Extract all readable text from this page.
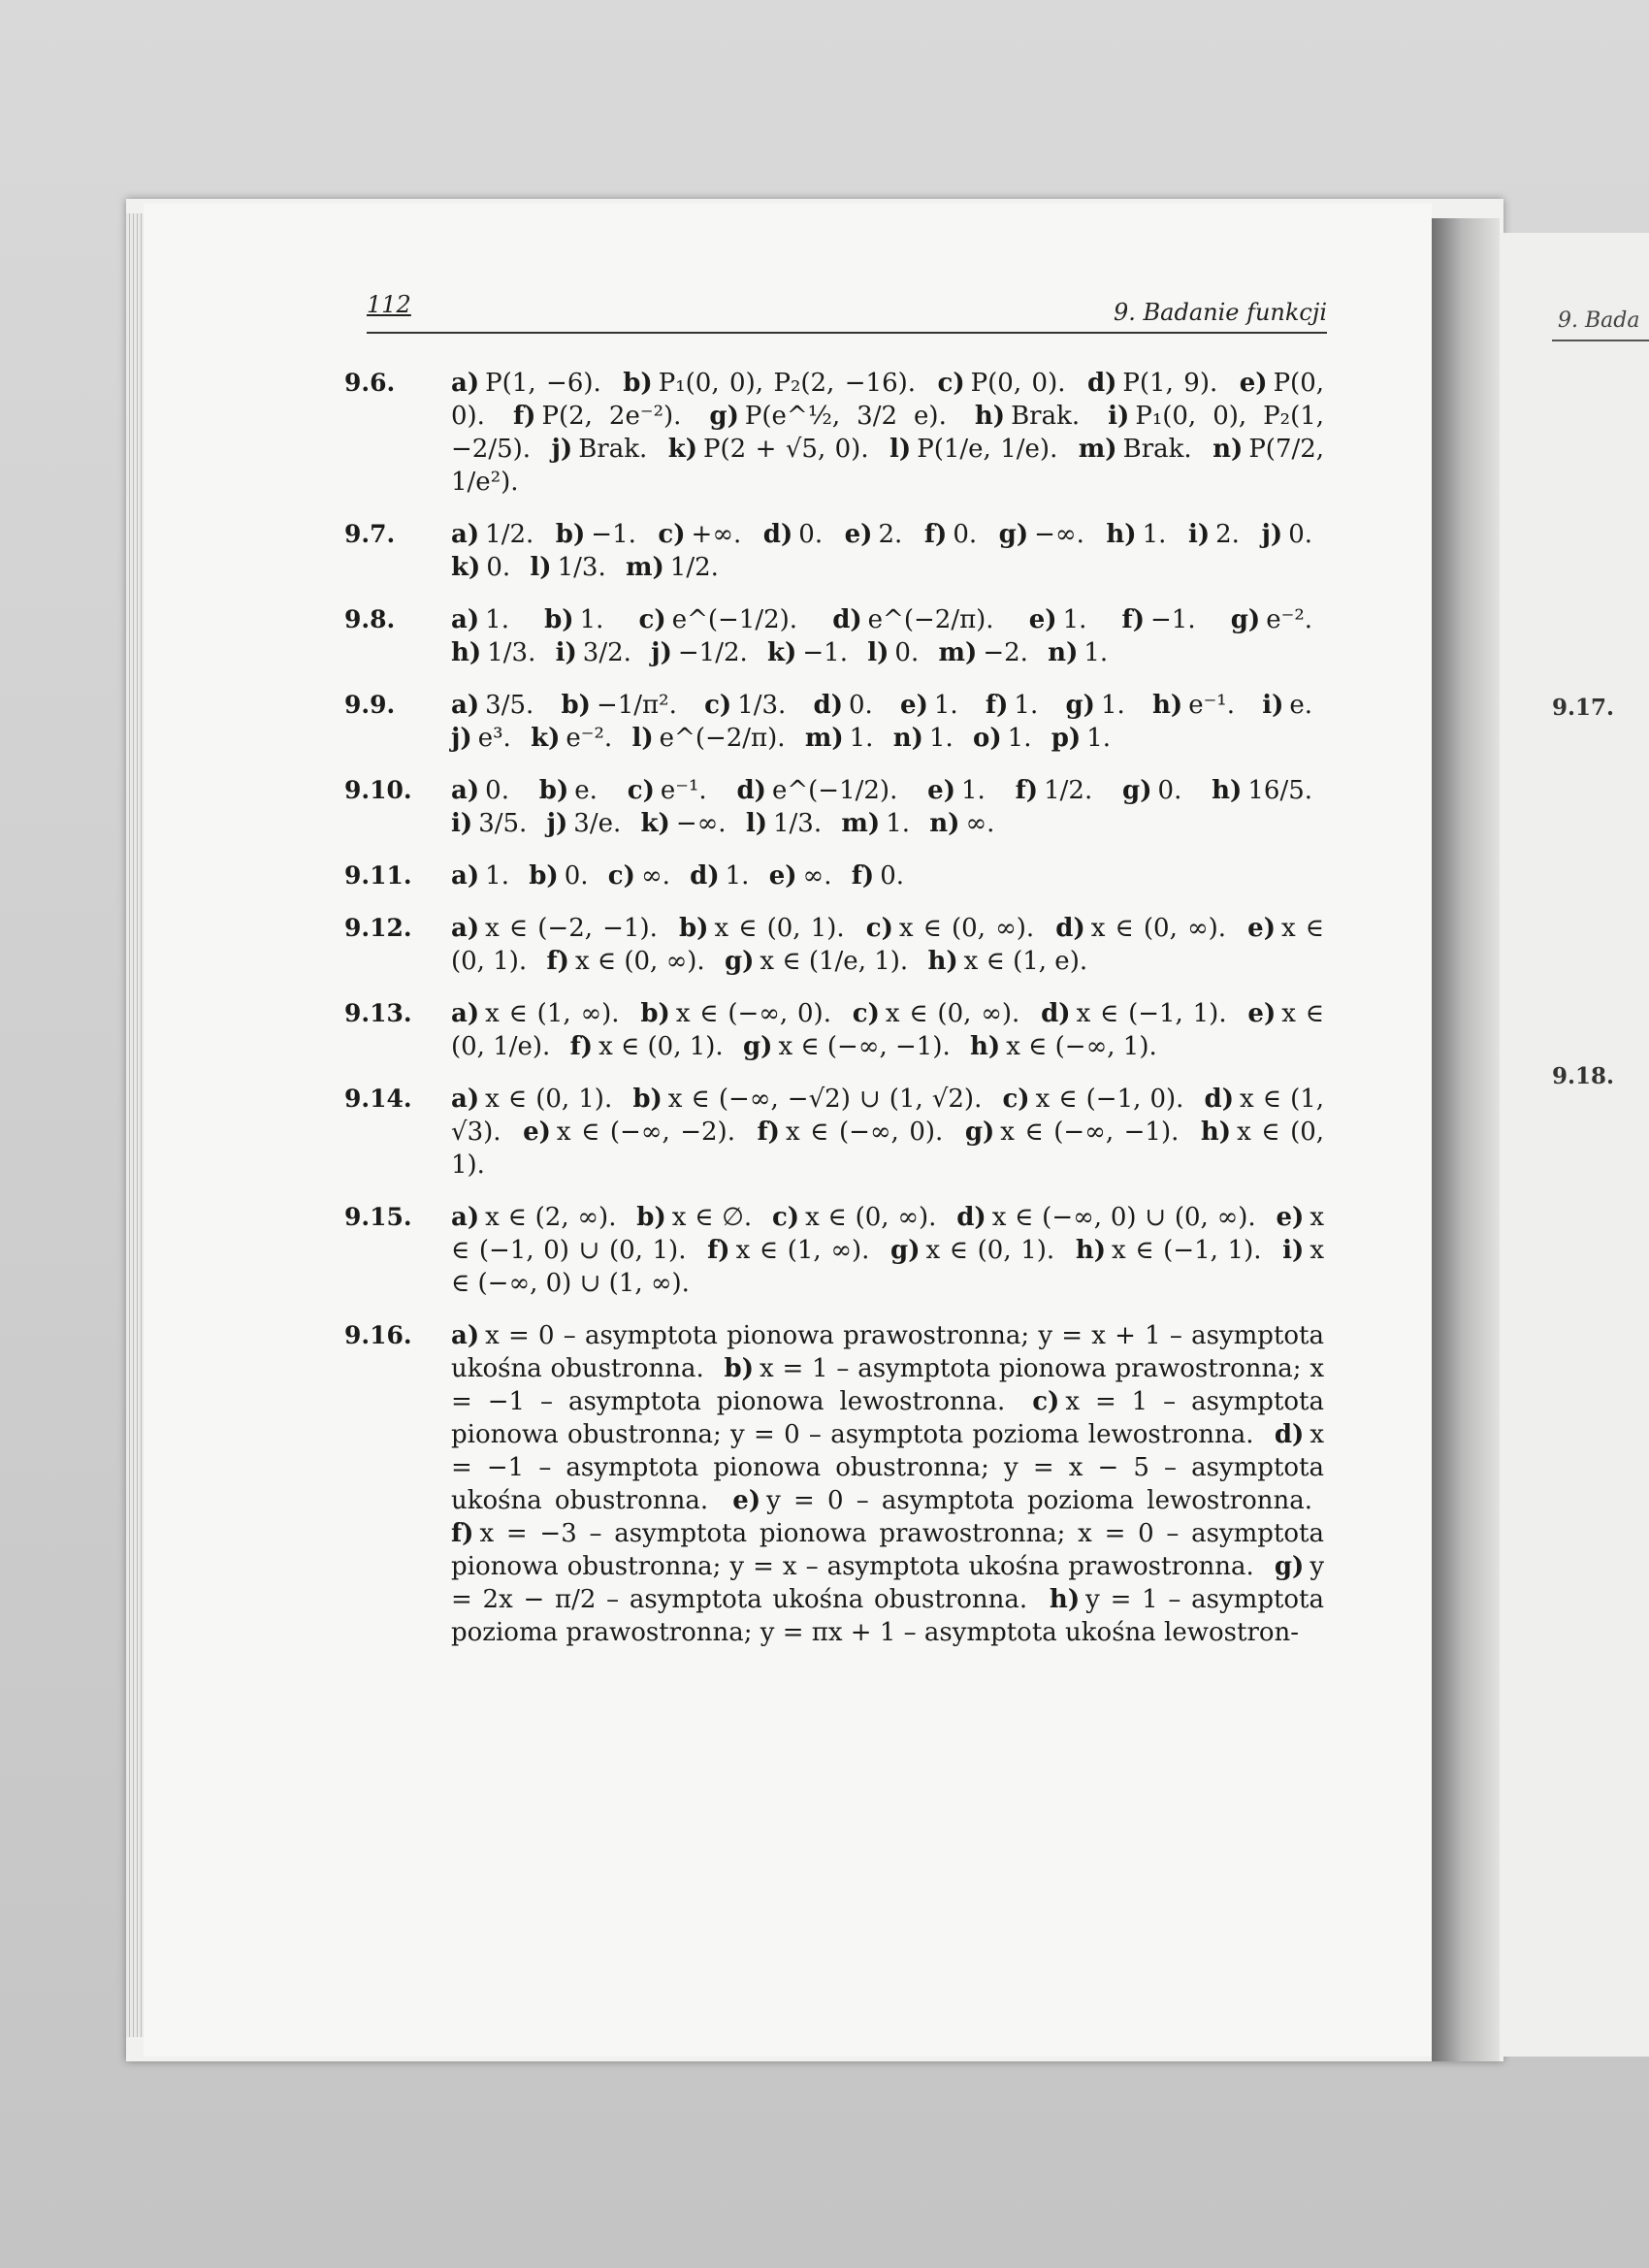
9. Bada
9.17.
9.18.
112	9. Badanie funkcji
9.6. a) P(1, −6). b) P₁(0, 0), P₂(2, −16). c) P(0, 0). d) P(1, 9). e) P(0, 0). f) P(2, 2e⁻²). g) P(e^½, 3/2 e). h) Brak. i) P₁(0, 0), P₂(1, −2/5). j) Brak. k) P(2 + √5, 0). l) P(1/e, 1/e). m) Brak. n) P(7/2, 1/e²).
9.7. a) 1/2. b) −1. c) +∞. d) 0. e) 2. f) 0. g) −∞. h) 1. i) 2. j) 0. k) 0. l) 1/3. m) 1/2.
9.8. a) 1. b) 1. c) e^(−1/2). d) e^(−2/π). e) 1. f) −1. g) e⁻². h) 1/3. i) 3/2. j) −1/2. k) −1. l) 0. m) −2. n) 1.
9.9. a) 3/5. b) −1/π². c) 1/3. d) 0. e) 1. f) 1. g) 1. h) e⁻¹. i) e. j) e³. k) e⁻². l) e^(−2/π). m) 1. n) 1. o) 1. p) 1.
9.10. a) 0. b) e. c) e⁻¹. d) e^(−1/2). e) 1. f) 1/2. g) 0. h) 16/5. i) 3/5. j) 3/e. k) −∞. l) 1/3. m) 1. n) ∞.
9.11. a) 1. b) 0. c) ∞. d) 1. e) ∞. f) 0.
9.12. a) x ∈ (−2, −1). b) x ∈ (0, 1). c) x ∈ (0, ∞). d) x ∈ (0, ∞). e) x ∈ (0, 1). f) x ∈ (0, ∞). g) x ∈ (1/e, 1). h) x ∈ (1, e).
9.13. a) x ∈ (1, ∞). b) x ∈ (−∞, 0). c) x ∈ (0, ∞). d) x ∈ (−1, 1). e) x ∈ (0, 1/e). f) x ∈ (0, 1). g) x ∈ (−∞, −1). h) x ∈ (−∞, 1).
9.14. a) x ∈ (0, 1). b) x ∈ (−∞, −√2) ∪ (1, √2). c) x ∈ (−1, 0). d) x ∈ (1, √3). e) x ∈ (−∞, −2). f) x ∈ (−∞, 0). g) x ∈ (−∞, −1). h) x ∈ (0, 1).
9.15. a) x ∈ (2, ∞). b) x ∈ ∅. c) x ∈ (0, ∞). d) x ∈ (−∞, 0) ∪ (0, ∞). e) x ∈ (−1, 0) ∪ (0, 1). f) x ∈ (1, ∞). g) x ∈ (0, 1). h) x ∈ (−1, 1). i) x ∈ (−∞, 0) ∪ (1, ∞).
9.16. a) x = 0 – asymptota pionowa prawostronna; y = x + 1 – asymptota ukośna obustronna. b) x = 1 – asymptota pionowa prawostronna; x = −1 – asymptota pionowa lewostronna. c) x = 1 – asymptota pionowa obustronna; y = 0 – asymptota pozioma lewostronna. d) x = −1 – asymptota pionowa obustronna; y = x − 5 – asymptota ukośna obustronna. e) y = 0 – asymptota pozioma lewostronna. f) x = −3 – asymptota pionowa prawostronna; x = 0 – asymptota pionowa obustronna; y = x – asymptota ukośna prawostronna. g) y = 2x − π/2 – asymptota ukośna obustronna. h) y = 1 – asymptota pozioma prawostronna; y = πx + 1 – asymptota ukośna lewostron-
